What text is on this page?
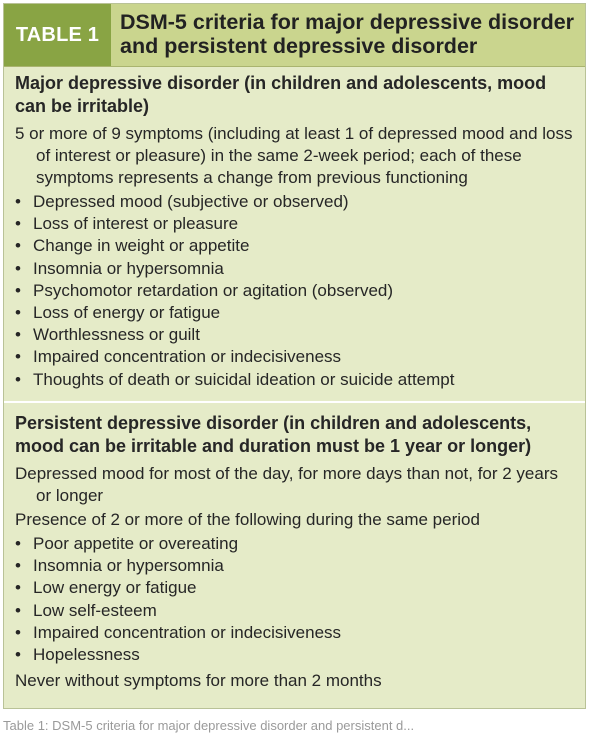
TABLE 1
DSM-5 criteria for major depressive disorder and persistent depressive disorder

Major depressive disorder (in children and adolescents, mood can be irritable)

5 or more of 9 symptoms (including at least 1 of depressed mood and loss of interest or pleasure) in the same 2-week period; each of these symptoms represents a change from previous functioning

• Depressed mood (subjective or observed)
• Loss of interest or pleasure
• Change in weight or appetite
• Insomnia or hypersomnia
• Psychomotor retardation or agitation (observed)
• Loss of energy or fatigue
• Worthlessness or guilt
• Impaired concentration or indecisiveness
• Thoughts of death or suicidal ideation or suicide attempt

Persistent depressive disorder (in children and adolescents, mood can be irritable and duration must be 1 year or longer)

Depressed mood for most of the day, for more days than not, for 2 years or longer

Presence of 2 or more of the following during the same period

• Poor appetite or overeating
• Insomnia or hypersomnia
• Low energy or fatigue
• Low self-esteem
• Impaired concentration or indecisiveness
• Hopelessness

Never without symptoms for more than 2 months

Table 1: DSM-5 criteria for major depressive disorder and persistent d...
